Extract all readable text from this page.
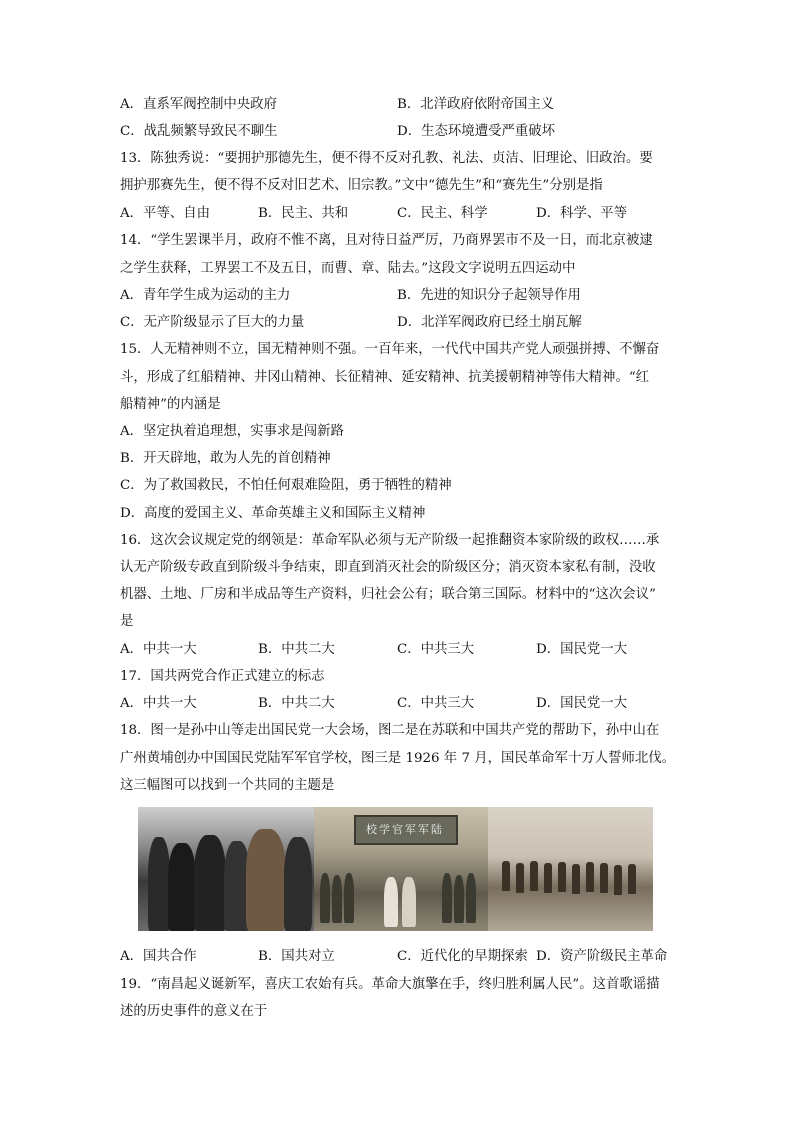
A．直系军阀控制中央政府	B．北洋政府依附帝国主义
C．战乱频繁导致民不聊生	D．生态环境遭受严重破坏
13．陈独秀说：“要拥护那德先生，便不得不反对孔教、礼法、贞洁、旧理论、旧政治。要
拥护那赛先生，便不得不反对旧艺术、旧宗教。”文中“德先生”和“赛先生”分别是指
A．平等、自由	B．民主、共和	C．民主、科学	D．科学、平等
14．“学生罢课半月，政府不惟不离，且对待日益严厉，乃商界罢市不及一日，而北京被逮
之学生获释，工界罢工不及五日，而曹、章、陆去。”这段文字说明五四运动中
A．青年学生成为运动的主力	B．先进的知识分子起领导作用
C．无产阶级显示了巨大的力量	D．北洋军阀政府已经土崩瓦解
15．人无精神则不立，国无精神则不强。一百年来，一代代中国共产党人顽强拼搏、不懈奋
斗，形成了红船精神、井冈山精神、长征精神、延安精神、抗美援朝精神等伟大精神。“红
船精神”的内涵是
A．坚定执着追理想，实事求是闯新路
B．开天辟地，敢为人先的首创精神
C．为了救国救民，不怕任何艰难险阻，勇于牺牲的精神
D．高度的爱国主义、革命英雄主义和国际主义精神
16．这次会议规定党的纲领是：革命军队必须与无产阶级一起推翻资本家阶级的政权……承
认无产阶级专政直到阶级斗争结束，即直到消灭社会的阶级区分；消灭资本家私有制，没收
机器、土地、厂房和半成品等生产资料，归社会公有；联合第三国际。材料中的“这次会议”
是
A．中共一大	B．中共二大	C．中共三大	D．国民党一大
17．国共两党合作正式建立的标志
A．中共一大	B．中共二大	C．中共三大	D．国民党一大
18．图一是孙中山等走出国民党一大会场，图二是在苏联和中国共产党的帮助下，孙中山在
广州黄埔创办中国国民党陆军军官学校，图三是 1926 年 7 月，国民革命军十万人誓师北伐。
这三幅图可以找到一个共同的主题是
校学官军军陆
A．国共合作	B．国共对立	C．近代化的早期探索 D．资产阶级民主革命
19．“南昌起义诞新军，喜庆工农始有兵。革命大旗擎在手，终归胜利属人民”。这首歌谣描
述的历史事件的意义在于
